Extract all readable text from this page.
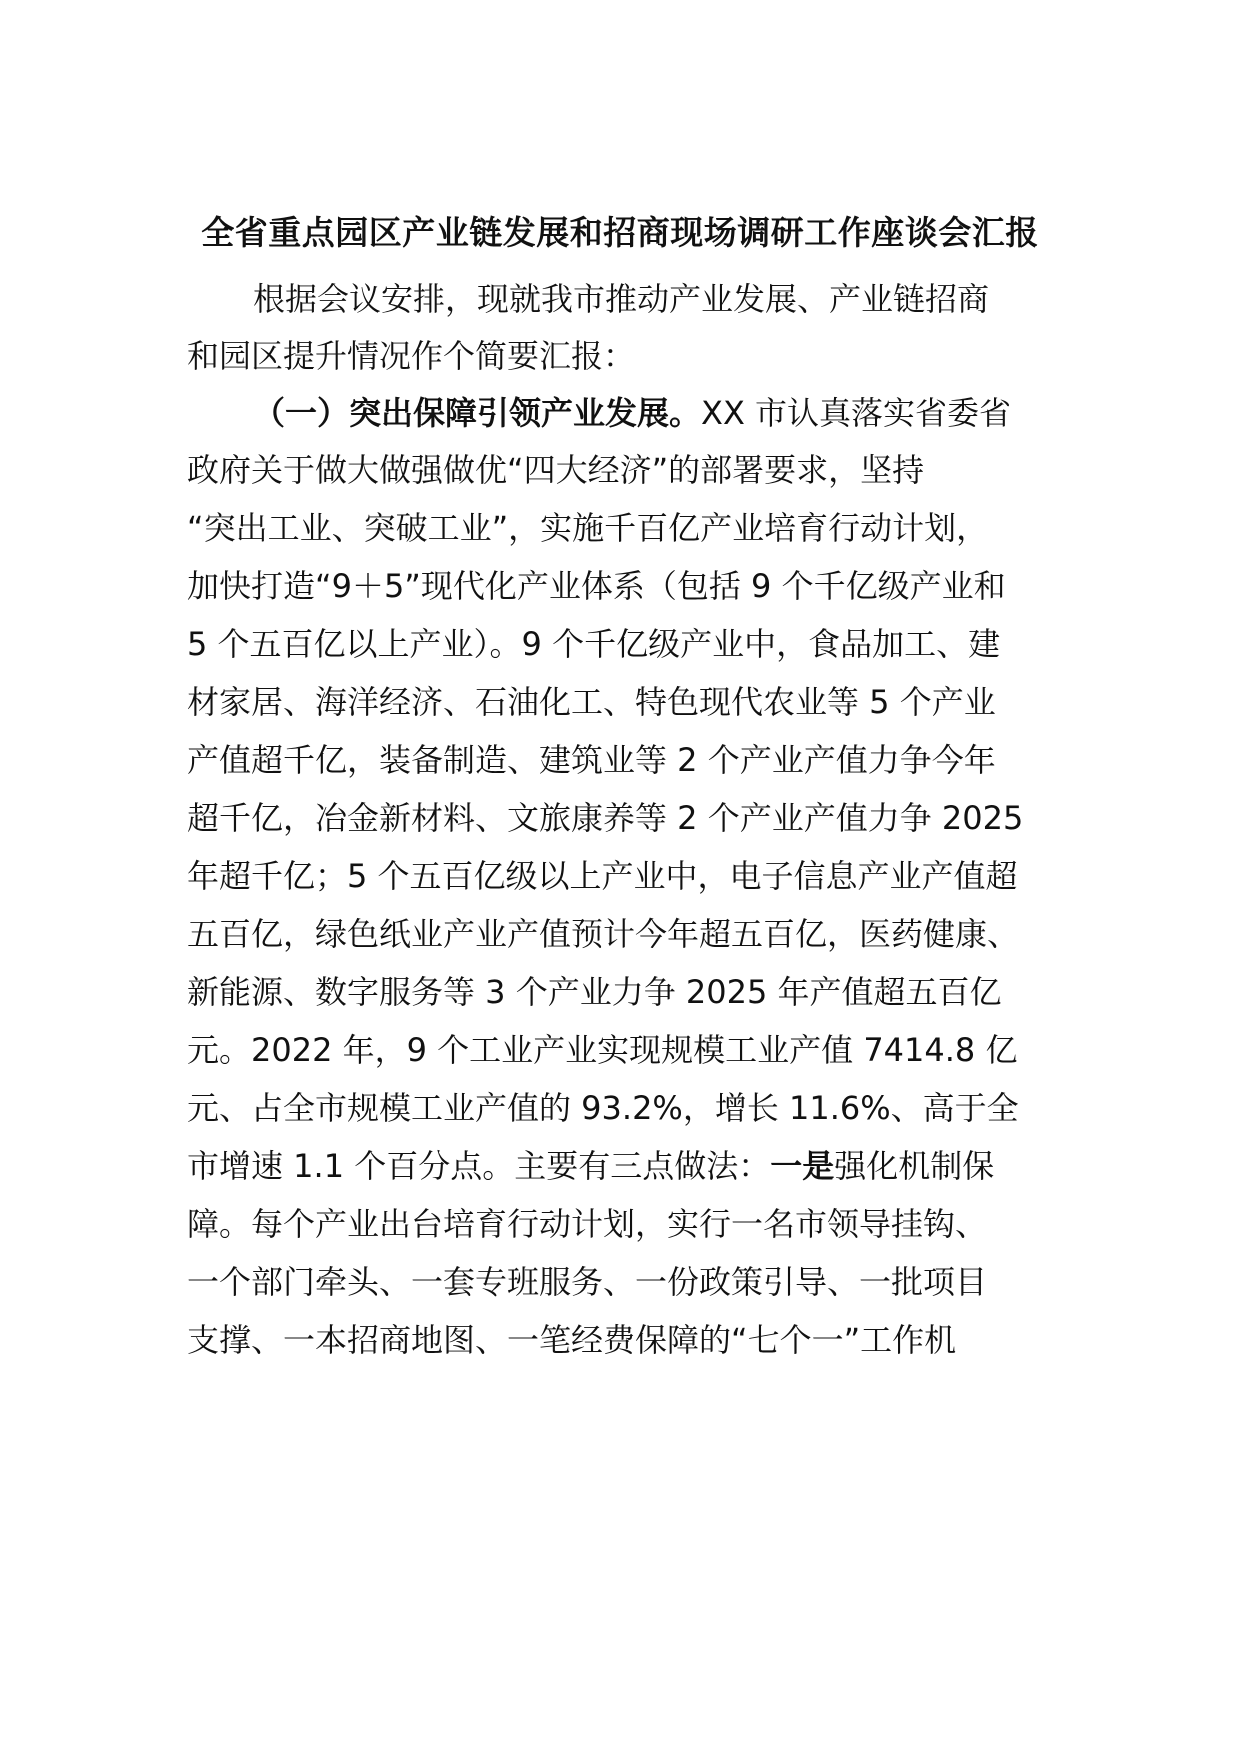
全省重点园区产业链发展和招商现场调研工作座谈会汇报
根据会议安排，现就我市推动产业发展、产业链招商
和园区提升情况作个简要汇报：
（一）突出保障引领产业发展。XX 市认真落实省委省
政府关于做大做强做优“四大经济”的部署要求，坚持
“突出工业、突破工业”，实施千百亿产业培育行动计划，
加快打造“9＋5”现代化产业体系（包括 9 个千亿级产业和
5 个五百亿以上产业）。9 个千亿级产业中，食品加工、建
材家居、海洋经济、石油化工、特色现代农业等 5 个产业
产值超千亿，装备制造、建筑业等 2 个产业产值力争今年
超千亿，冶金新材料、文旅康养等 2 个产业产值力争 2025
年超千亿；5 个五百亿级以上产业中，电子信息产业产值超
五百亿，绿色纸业产业产值预计今年超五百亿，医药健康、
新能源、数字服务等 3 个产业力争 2025 年产值超五百亿
元。2022 年，9 个工业产业实现规模工业产值 7414.8 亿
元、占全市规模工业产值的 93.2%，增长 11.6%、高于全
市增速 1.1 个百分点。主要有三点做法：一是强化机制保
障。每个产业出台培育行动计划，实行一名市领导挂钩、
一个部门牵头、一套专班服务、一份政策引导、一批项目
支撑、一本招商地图、一笔经费保障的“七个一”工作机
